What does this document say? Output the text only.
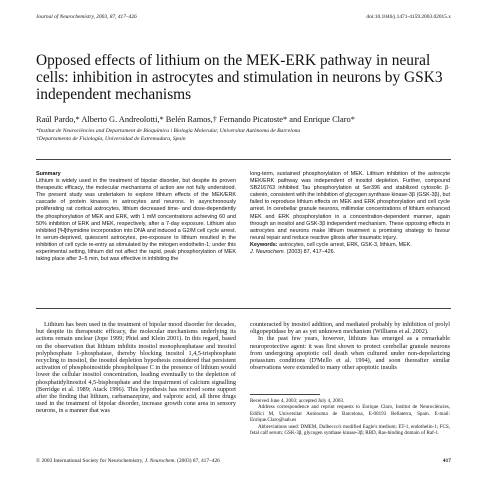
Journal of Neurochemistry, 2003, 87, 417–426	doi:10.1046/j.1471-4159.2003.02015.x
Opposed effects of lithium on the MEK-ERK pathway in neural cells: inhibition in astrocytes and stimulation in neurons by GSK3 independent mechanisms
Raúl Pardo,* Alberto G. Andreolotti,* Belén Ramos,† Fernando Picatoste* and Enrique Claro*
*Institut de Neurociències and Departament de Bioquímica i Biologia Molecular, Universitat Autònoma de Barcelona
†Departamento de Fisiología, Universidad de Extremadura, Spain
Summary
Lithium is widely used in the treatment of bipolar disorder, but despite its proven therapeutic efficacy, the molecular mechanisms of action are not fully understood. The present study was undertaken to explore lithium effects of the MEK/ERK cascade of protein kinases in astrocytes and neurons. In asynchronously proliferating rat cortical astrocytes, lithium decreased time- and dose-dependently the phosphorylation of MEK and ERK, with 1 mM concentrations achieving 60 and 50% inhibition of ERK and MEK, respectively, after a 7-day exposure. Lithium also inhibited [³H]thymidine incorporation into DNA and induced a G2/M cell cycle arrest. In serum-deprived, quiescent astrocytes, pre-exposure to lithium resulted in the inhibition of cell cycle re-entry as stimulated by the mitogen endothelin-1; under this experimental setting, lithium did not affect the rapid, peak phosphorylation of MEK taking place after 3–5 min, but was effective in inhibiting the
long-term, sustained phosphorylation of MEK. Lithium inhibition of the astrocyte MEK/ERK pathway was independent of inositol depletion. Further, compound SB216763 inhibited Tau phosphorylation at Ser396 and stabilized cytosolic β-catenin, consistent with the inhibition of glycogen synthase kinase-3β (GSK-3β), but failed to reproduce lithium effects on MEK and ERK phosphorylation and cell cycle arrest. In cerebellar granule neurons, millimolar concentrations of lithium enhanced MEK and ERK phosphorylation in a concentration-dependent manner, again through an inositol and GSK-3β independent mechanism. These opposing effects in astrocytes and neurons make lithium treatment a promising strategy to favour neural repair and reduce reactive gliosis after traumatic injury.
Keywords: astrocytes, cell cycle arrest, ERK, GSK-3, lithium, MEK.
J. Neurochem. (2003) 87, 417–426.

Lithium has been used in the treatment of bipolar mood disorder for decades, but despite its therapeutic efficacy, the molecular mechanisms underlying its actions remain unclear (Jope 1999; Phiel and Klein 2001). In this regard, based on the observation that lithium inhibits inositol monophosphatase and inositol polyphosphate 1-phosphatase, thereby blocking inositol 1,4,5-trisphosphate recycling to inositol, the inositol depletion hypothesis considered that persistent activation of phosphoinositide phospholipase C in the presence of lithium would lower the cellular inositol concentration, leading eventually to the depletion of phosphatidylinositol 4,5-bisphosphate and the impairment of calcium signalling (Berridge et al. 1989; Atack 1996). This hypothesis has received some support after the finding that lithium, carbamazepine, and valproic acid, all three drugs used in the treatment of bipolar disorder, increase growth cone area in sensory neurons, in a manner that was

counteracted by inositol addition, and mediated probably by inhibition of prolyl oligopeptidase by an as yet unknown mechanism (Williams et al. 2002).

In the past few years, however, lithium has emerged as a remarkable neuroprotective agent: it was first shown to protect cerebellar granule neurons from undergoing apoptotic cell death when cultured under non-depolarizing potassium conditions (D'Mello et al. 1994), and soon thereafter similar observations were extended to many other apoptotic insults

Received June 4, 2003; accepted July 4, 2003.

Address correspondence and reprint requests to Enrique Claro, Institut de Neurociències, Edifici M, Universitat Autònoma de Barcelona, E-08193 Bellaterra, Spain. E-mail: Enrique.Claro@uab.es

Abbreviations used: DMEM, Dulbecco's modified Eagle's medium; ET-1, endothelin-1; FCS, fetal calf serum; GSK-3β, glycogen synthase kinase-3β; RBD, Ras-binding domain of Raf-1.

© 2003 International Society for Neurochemistry, J. Neurochem. (2003) 87, 417–426	417
